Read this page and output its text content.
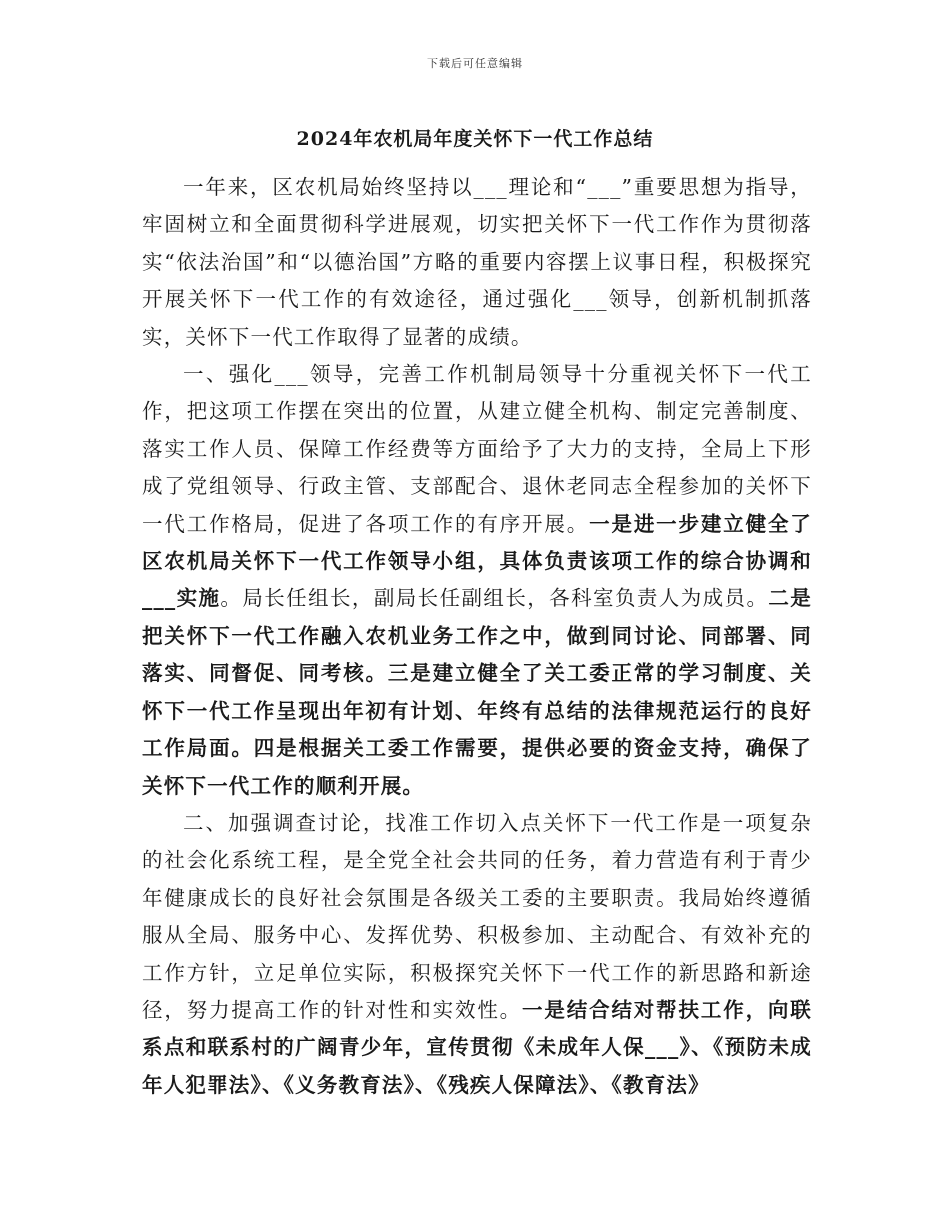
下载后可任意编辑
2024年农机局年度关怀下一代工作总结

一年来，区农机局始终坚持以___理论和“___”重要思想为指导，牢固树立和全面贯彻科学进展观，切实把关怀下一代工作作为贯彻落实“依法治国”和“以德治国”方略的重要内容摆上议事日程，积极探究开展关怀下一代工作的有效途径，通过强化___领导，创新机制抓落实，关怀下一代工作取得了显著的成绩。

一、强化___领导，完善工作机制局领导十分重视关怀下一代工作，把这项工作摆在突出的位置，从建立健全机构、制定完善制度、落实工作人员、保障工作经费等方面给予了大力的支持，全局上下形成了党组领导、行政主管、支部配合、退休老同志全程参加的关怀下一代工作格局，促进了各项工作的有序开展。一是进一步建立健全了区农机局关怀下一代工作领导小组，具体负责该项工作的综合协调和___实施。局长任组长，副局长任副组长，各科室负责人为成员。二是把关怀下一代工作融入农机业务工作之中，做到同讨论、同部署、同落实、同督促、同考核。三是建立健全了关工委正常的学习制度、关怀下一代工作呈现出年初有计划、年终有总结的法律规范运行的良好工作局面。四是根据关工委工作需要，提供必要的资金支持，确保了关怀下一代工作的顺利开展。

二、加强调查讨论，找准工作切入点关怀下一代工作是一项复杂的社会化系统工程，是全党全社会共同的任务，着力营造有利于青少年健康成长的良好社会氛围是各级关工委的主要职责。我局始终遵循服从全局、服务中心、发挥优势、积极参加、主动配合、有效补充的工作方针，立足单位实际，积极探究关怀下一代工作的新思路和新途径，努力提高工作的针对性和实效性。一是结合结对帮扶工作，向联系点和联系村的广阔青少年，宣传贯彻《未成年人保___》、《预防未成年人犯罪法》、《义务教育法》、《残疾人保障法》、《教育法》
